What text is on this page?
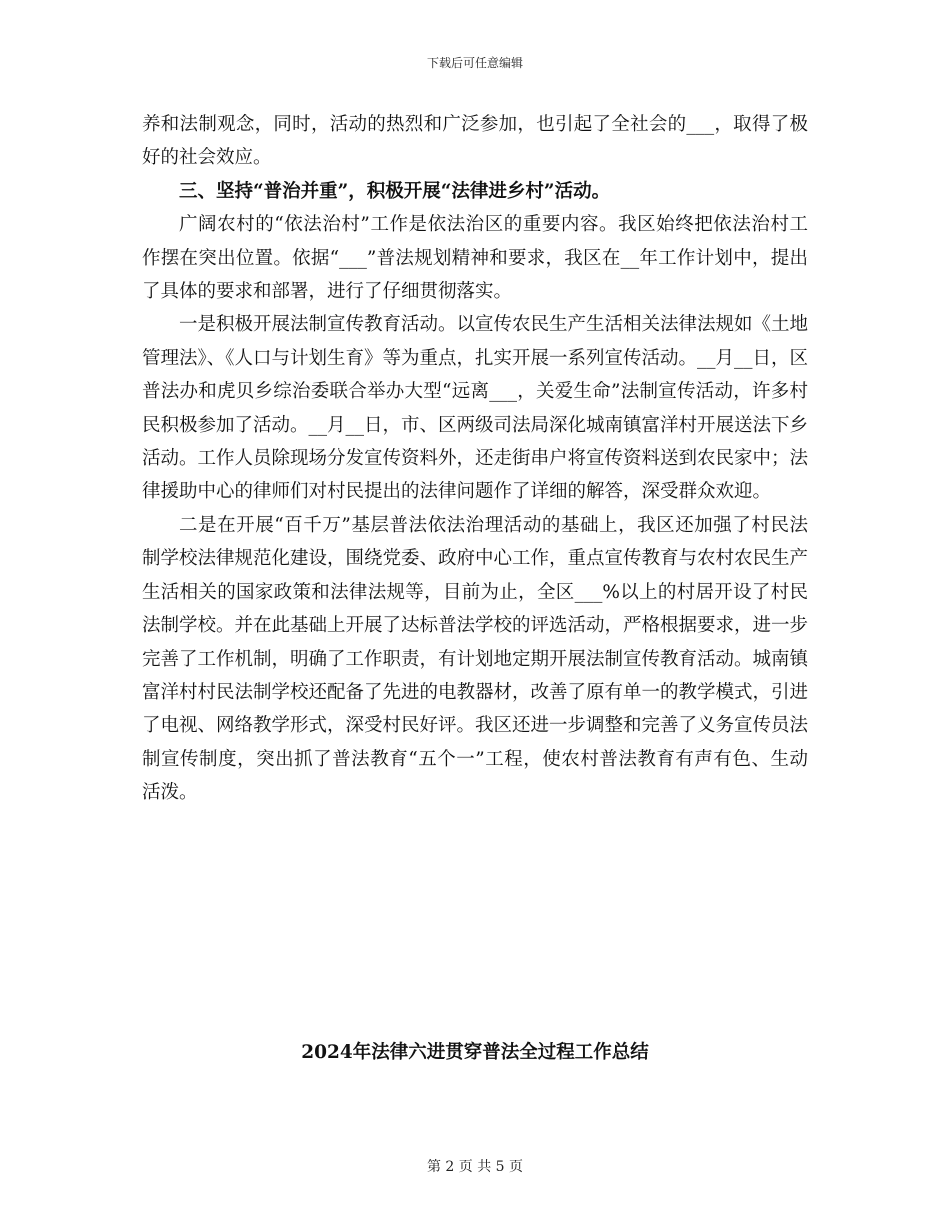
下载后可任意编辑

养和法制观念，同时，活动的热烈和广泛参加，也引起了全社会的___，取得了极好的社会效应。

三、坚持“普治并重”，积极开展“法律进乡村”活动。

广阔农村的“依法治村”工作是依法治区的重要内容。我区始终把依法治村工作摆在突出位置。依据“___”普法规划精神和要求，我区在__年工作计划中，提出了具体的要求和部署，进行了仔细贯彻落实。

一是积极开展法制宣传教育活动。以宣传农民生产生活相关法律法规如《土地管理法》、《人口与计划生育》等为重点，扎实开展一系列宣传活动。__月__日，区普法办和虎贝乡综治委联合举办大型“远离___，关爱生命”法制宣传活动，许多村民积极参加了活动。__月__日，市、区两级司法局深化城南镇富洋村开展送法下乡活动。工作人员除现场分发宣传资料外，还走街串户将宣传资料送到农民家中；法律援助中心的律师们对村民提出的法律问题作了详细的解答，深受群众欢迎。

二是在开展“百千万”基层普法依法治理活动的基础上，我区还加强了村民法制学校法律规范化建设，围绕党委、政府中心工作，重点宣传教育与农村农民生产生活相关的国家政策和法律法规等，目前为止，全区___%以上的村居开设了村民法制学校。并在此基础上开展了达标普法学校的评选活动，严格根据要求，进一步完善了工作机制，明确了工作职责，有计划地定期开展法制宣传教育活动。城南镇富洋村村民法制学校还配备了先进的电教器材，改善了原有单一的教学模式，引进了电视、网络教学形式，深受村民好评。我区还进一步调整和完善了义务宣传员法制宣传制度，突出抓了普法教育“五个一”工程，使农村普法教育有声有色、生动活泼。

2024年法律六进贯穿普法全过程工作总结
第 2 页 共 5 页
